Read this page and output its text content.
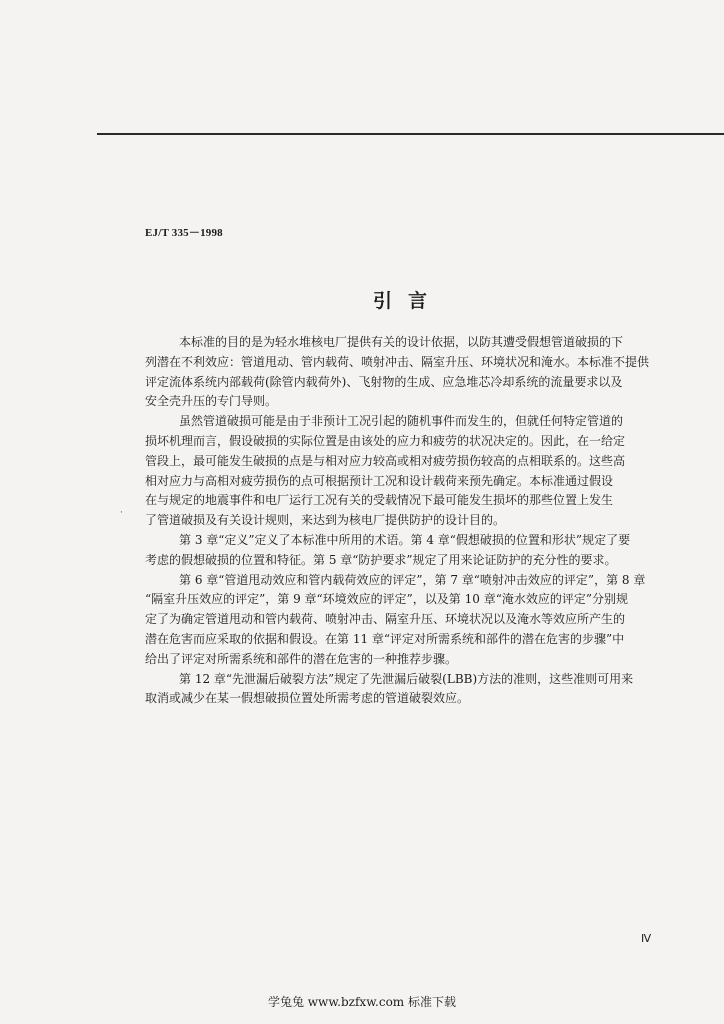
EJ/T 335－1998
引言
·
本标准的目的是为轻水堆核电厂提供有关的设计依据，以防其遭受假想管道破损的下
列潜在不利效应：管道甩动、管内载荷、喷射冲击、隔室升压、环境状况和淹水。本标准不提供
评定流体系统内部载荷(除管内载荷外)、飞射物的生成、应急堆芯冷却系统的流量要求以及
安全壳升压的专门导则。
虽然管道破损可能是由于非预计工况引起的随机事件而发生的，但就任何特定管道的
损坏机理而言，假设破损的实际位置是由该处的应力和疲劳的状况决定的。因此，在一给定
管段上，最可能发生破损的点是与相对应力较高或相对疲劳损伤较高的点相联系的。这些高
相对应力与高相对疲劳损伤的点可根据预计工况和设计载荷来预先确定。本标准通过假设
在与规定的地震事件和电厂运行工况有关的受载情况下最可能发生损坏的那些位置上发生
了管道破损及有关设计规则，来达到为核电厂提供防护的设计目的。
第 3 章“定义”定义了本标准中所用的术语。第 4 章“假想破损的位置和形状”规定了要
考虑的假想破损的位置和特征。第 5 章“防护要求”规定了用来论证防护的充分性的要求。
第 6 章“管道甩动效应和管内载荷效应的评定”，第 7 章“喷射冲击效应的评定”，第 8 章
“隔室升压效应的评定”，第 9 章“环境效应的评定”，以及第 10 章“淹水效应的评定”分别规
定了为确定管道甩动和管内载荷、喷射冲击、隔室升压、环境状况以及淹水等效应所产生的
潜在危害而应采取的依据和假设。在第 11 章“评定对所需系统和部件的潜在危害的步骤”中
给出了评定对所需系统和部件的潜在危害的一种推荐步骤。
第 12 章“先泄漏后破裂方法”规定了先泄漏后破裂(LBB)方法的准则，这些准则可用来
取消或减少在某一假想破损位置处所需考虑的管道破裂效应。
Ⅳ
学兔兔 www.bzfxw.com 标准下载
